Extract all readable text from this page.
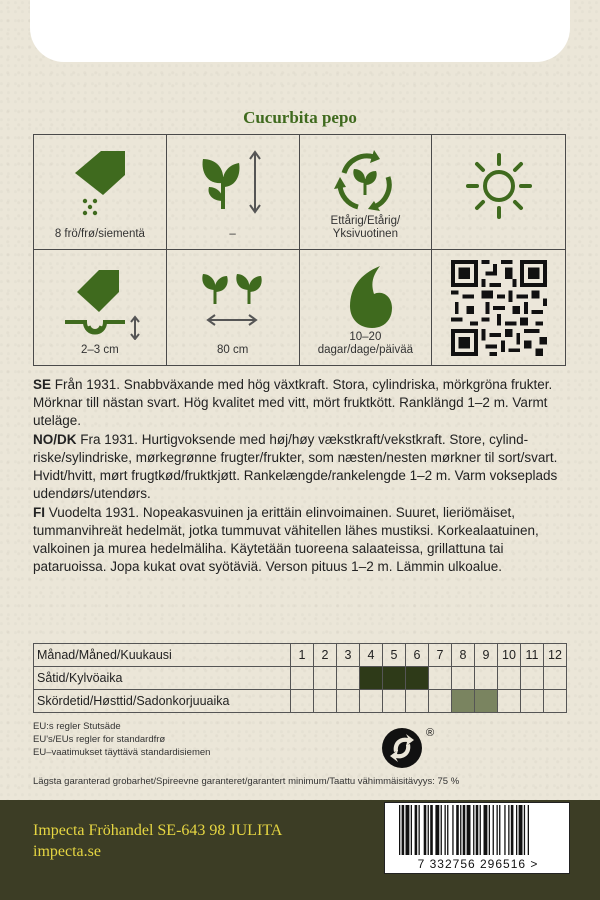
Cucurbita pepo
8 frö/frø/siementä	–
Ettårig/Etårig/
Yksivuotinen
2–3 cm	80 cm
10–20
dagar/dage/päivää

SE Från 1931. Snabbväxande med hög växtkraft. Stora, cylindriska, mörkgröna frukter. Mörknar till nästan svart. Hög kvalitet med vitt, mört fruktkött. Ranklängd 1–2 m. Varmt uteläge.

NO/DK Fra 1931. Hurtigvoksende med høj/høy vækstkraft/vekstkraft. Store, cylindriske/sylindriske, mørkegrønne frugter/frukter, som næsten/nesten mørkner til sort/svart. Hvidt/hvitt, mørt frugtkød/fruktkjøtt. Rankelængde/rankelengde 1–2 m. Varm vokseplads udendørs/utendørs.

FI Vuodelta 1931. Nopeakasvuinen ja erittäin elinvoimainen. Suuret, lieriömäiset, tummanvihreät hedelmät, jotka tummuvat vähitellen lähes mustiksi. Korkealaatuinen, valkoinen ja murea hedelmäliha. Käytetään tuoreena salaateissa, grillattuna tai pataruoissa. Jopa kukat ovat syötäviä. Verson pituus 1–2 m. Lämmin ulkoalue.

Månad/Måned/Kuukausi	1	2	3	4	5	6	7	8	9	10	11	12
Såtid/Kylvöaika												
Skördetid/Høsttid/Sadonkorjuuaika												
EU:s regler Stutsäde
EU's/EUs regler for standardfrø
EU–vaatimukset täyttävä standardisiemen
®
Lägsta garanterad grobarhet/Spireevne garanteret/garantert minimum/Taattu vähimmäisitävyys: 75 %
Impecta Fröhandel SE-643 98 JULITA
impecta.se
7 332756 296516 >
